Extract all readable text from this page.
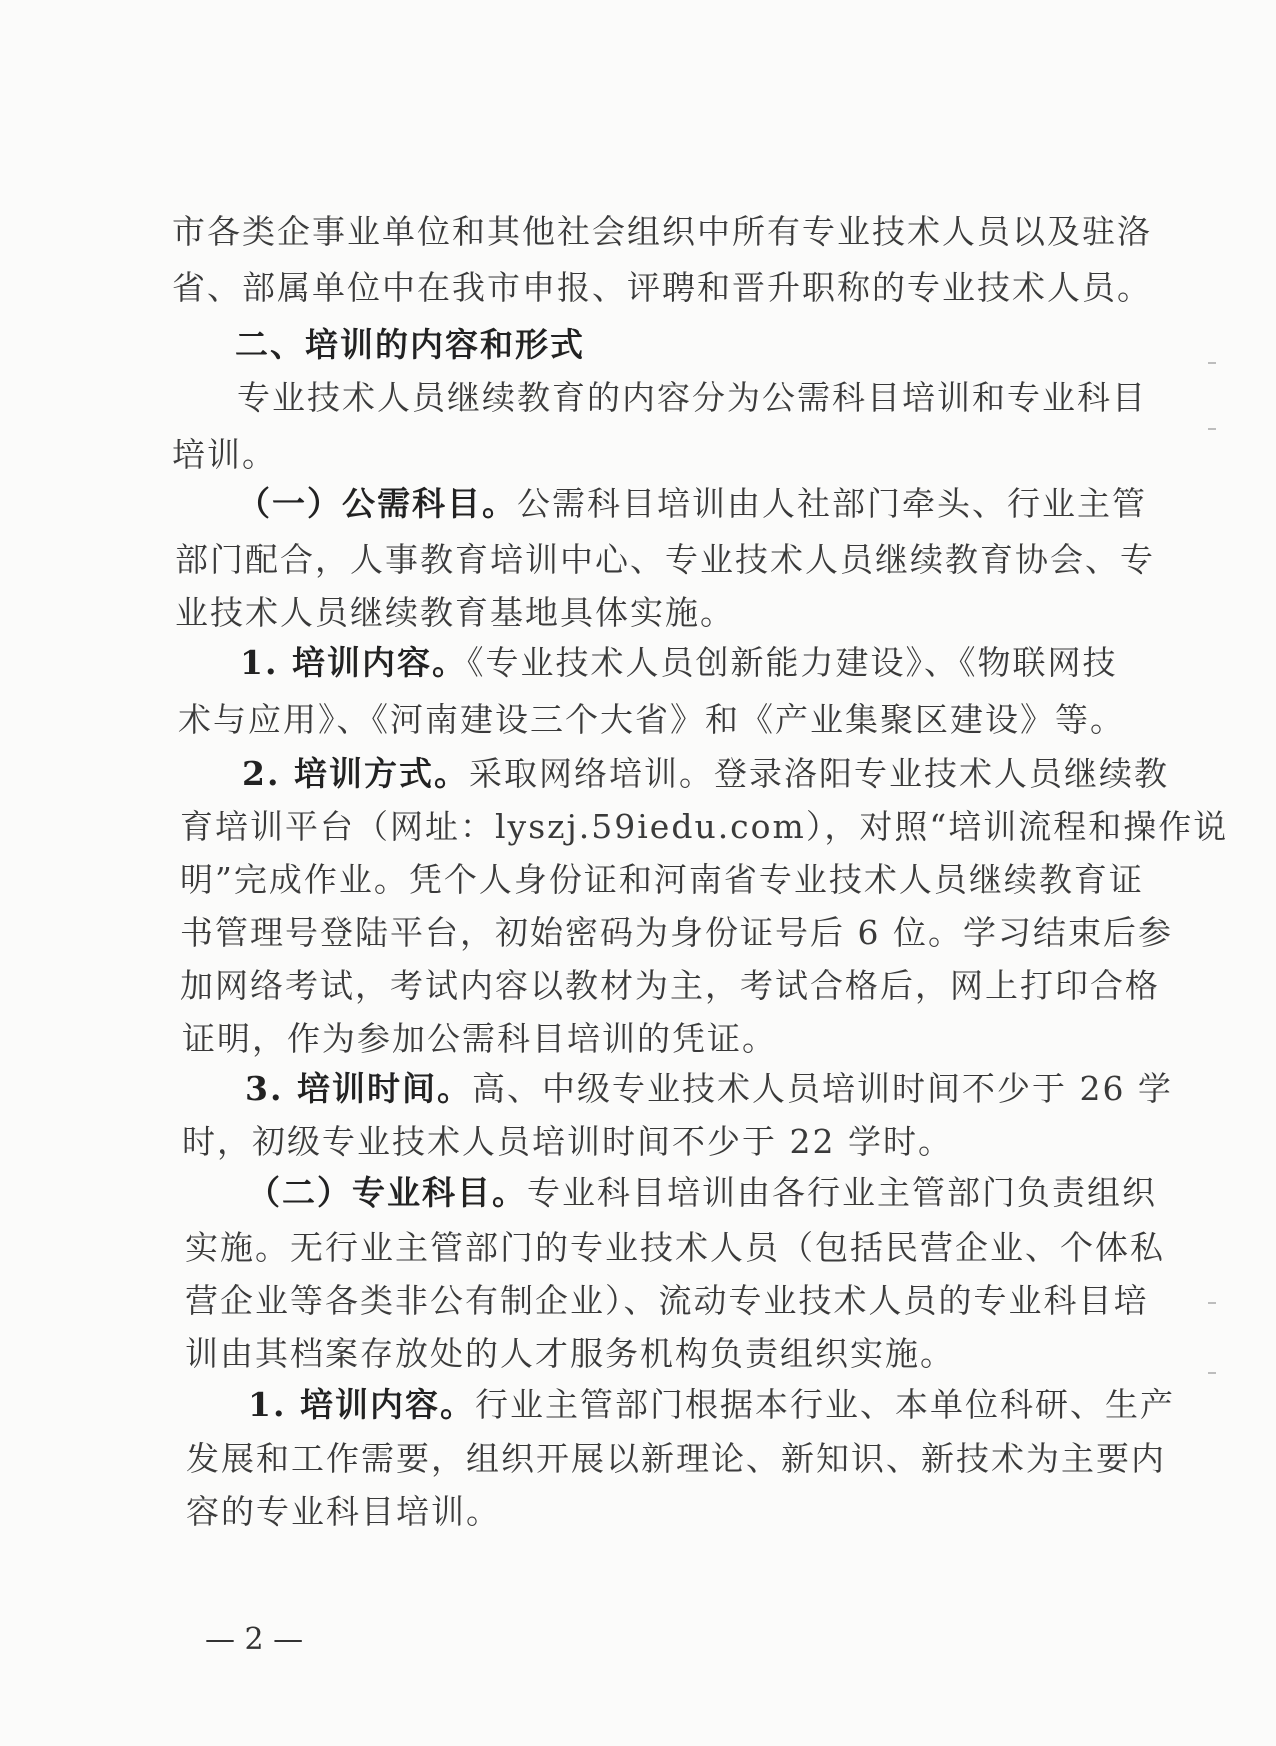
市各类企事业单位和其他社会组织中所有专业技术人员以及驻洛
省、部属单位中在我市申报、评聘和晋升职称的专业技术人员。
二、培训的内容和形式
专业技术人员继续教育的内容分为公需科目培训和专业科目
培训。
（一）公需科目。公需科目培训由人社部门牵头、行业主管
部门配合，人事教育培训中心、专业技术人员继续教育协会、专
业技术人员继续教育基地具体实施。
1. 培训内容。《专业技术人员创新能力建设》、《物联网技
术与应用》、《河南建设三个大省》和《产业集聚区建设》等。
2. 培训方式。采取网络培训。登录洛阳专业技术人员继续教
育培训平台（网址：lyszj.59iedu.com），对照“培训流程和操作说
明”完成作业。凭个人身份证和河南省专业技术人员继续教育证
书管理号登陆平台，初始密码为身份证号后 6 位。学习结束后参
加网络考试，考试内容以教材为主，考试合格后，网上打印合格
证明，作为参加公需科目培训的凭证。
3. 培训时间。高、中级专业技术人员培训时间不少于 26 学
时，初级专业技术人员培训时间不少于 22 学时。
（二）专业科目。专业科目培训由各行业主管部门负责组织
实施。无行业主管部门的专业技术人员（包括民营企业、个体私
营企业等各类非公有制企业）、流动专业技术人员的专业科目培
训由其档案存放处的人才服务机构负责组织实施。
1. 培训内容。行业主管部门根据本行业、本单位科研、生产
发展和工作需要，组织开展以新理论、新知识、新技术为主要内
容的专业科目培训。
— 2 —
